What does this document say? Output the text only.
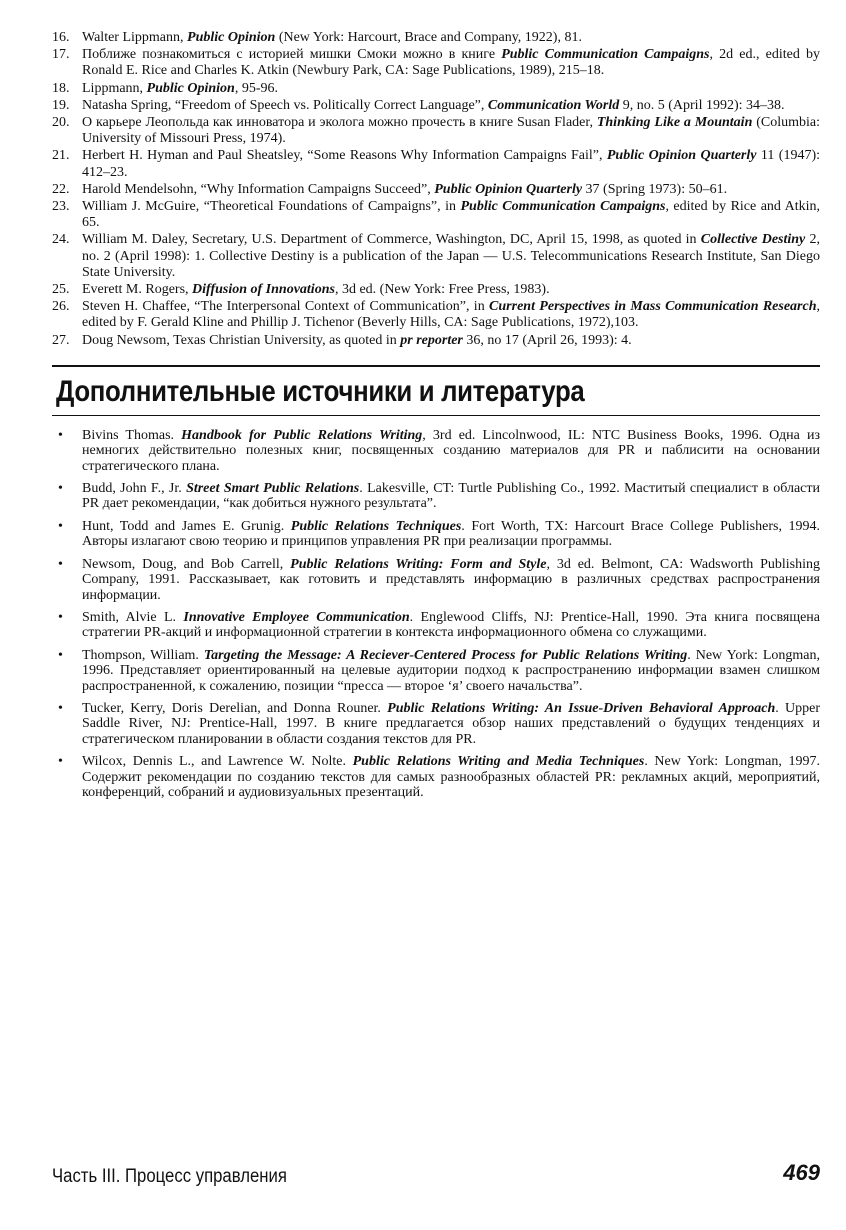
16. Walter Lippmann, Public Opinion (New York: Harcourt, Brace and Company, 1922), 81.
17. Поближе познакомиться с историей мишки Смоки можно в книге Public Communication Campaigns, 2d ed., edited by Ronald E. Rice and Charles K. Atkin (Newbury Park, CA: Sage Publications, 1989), 215–18.
18. Lippmann, Public Opinion, 95-96.
19. Natasha Spring, “Freedom of Speech vs. Politically Correct Language”, Communication World 9, no. 5 (April 1992): 34–38.
20. О карьере Леопольда как инноватора и эколога можно прочесть в книге Susan Flader, Thinking Like a Mountain (Columbia: University of Missouri Press, 1974).
21. Herbert H. Hyman and Paul Sheatsley, “Some Reasons Why Information Campaigns Fail”, Public Opinion Quarterly 11 (1947): 412–23.
22. Harold Mendelsohn, “Why Information Campaigns Succeed”, Public Opinion Quarterly 37 (Spring 1973): 50–61.
23. William J. McGuire, “Theoretical Foundations of Campaigns”, in Public Communication Campaigns, edited by Rice and Atkin, 65.
24. William M. Daley, Secretary, U.S. Department of Commerce, Washington, DC, April 15, 1998, as quoted in Collective Destiny 2, no. 2 (April 1998): 1. Collective Destiny is a publication of the Japan — U.S. Telecommunications Research Institute, San Diego State University.
25. Everett M. Rogers, Diffusion of Innovations, 3d ed. (New York: Free Press, 1983).
26. Steven H. Chaffee, “The Interpersonal Context of Communication”, in Current Perspectives in Mass Communication Research, edited by F. Gerald Kline and Phillip J. Tichenor (Beverly Hills, CA: Sage Publications, 1972),103.
27. Doug Newsom, Texas Christian University, as quoted in pr reporter 36, no 17 (April 26, 1993): 4.
Дополнительные источники и литература
• Bivins Thomas. Handbook for Public Relations Writing, 3rd ed. Lincolnwood, IL: NTC Business Books, 1996. Одна из немногих действительно полезных книг, посвященных созданию материалов для PR и паблисити на основании стратегического плана.
• Budd, John F., Jr. Street Smart Public Relations. Lakesville, CT: Turtle Publishing Co., 1992. Маститый специалист в области PR дает рекомендации, “как добиться нужного результата”.
• Hunt, Todd and James E. Grunig. Public Relations Techniques. Fort Worth, TX: Harcourt Brace College Publishers, 1994. Авторы излагают свою теорию и принципов управления PR при реализации программы.
• Newsom, Doug, and Bob Carrell, Public Relations Writing: Form and Style, 3d ed. Belmont, CA: Wadsworth Publishing Company, 1991. Рассказывает, как готовить и представлять информацию в различных средствах распространения информации.
• Smith, Alvie L. Innovative Employee Communication. Englewood Cliffs, NJ: Prentice-Hall, 1990. Эта книга посвящена стратегии PR-акций и информационной стратегии в контекста информационного обмена со служащими.
• Thompson, William. Targeting the Message: A Reciever-Centered Process for Public Relations Writing. New York: Longman, 1996. Представляет ориентированный на целевые аудитории подход к распространению информации взамен слишком распространенной, к сожалению, позиции “пресса — второе ‘я’ своего начальства”.
• Tucker, Kerry, Doris Derelian, and Donna Rouner. Public Relations Writing: An Issue-Driven Behavioral Approach. Upper Saddle River, NJ: Prentice-Hall, 1997. В книге предлагается обзор наших представлений о будущих тенденциях и стратегическом планировании в области создания текстов для PR.
• Wilcox, Dennis L., and Lawrence W. Nolte. Public Relations Writing and Media Techniques. New York: Longman, 1997. Содержит рекомендации по созданию текстов для самых разнообразных областей PR: рекламных акций, мероприятий, конференций, собраний и аудиовизуальных презентаций.
Часть III. Процесс управления	469
